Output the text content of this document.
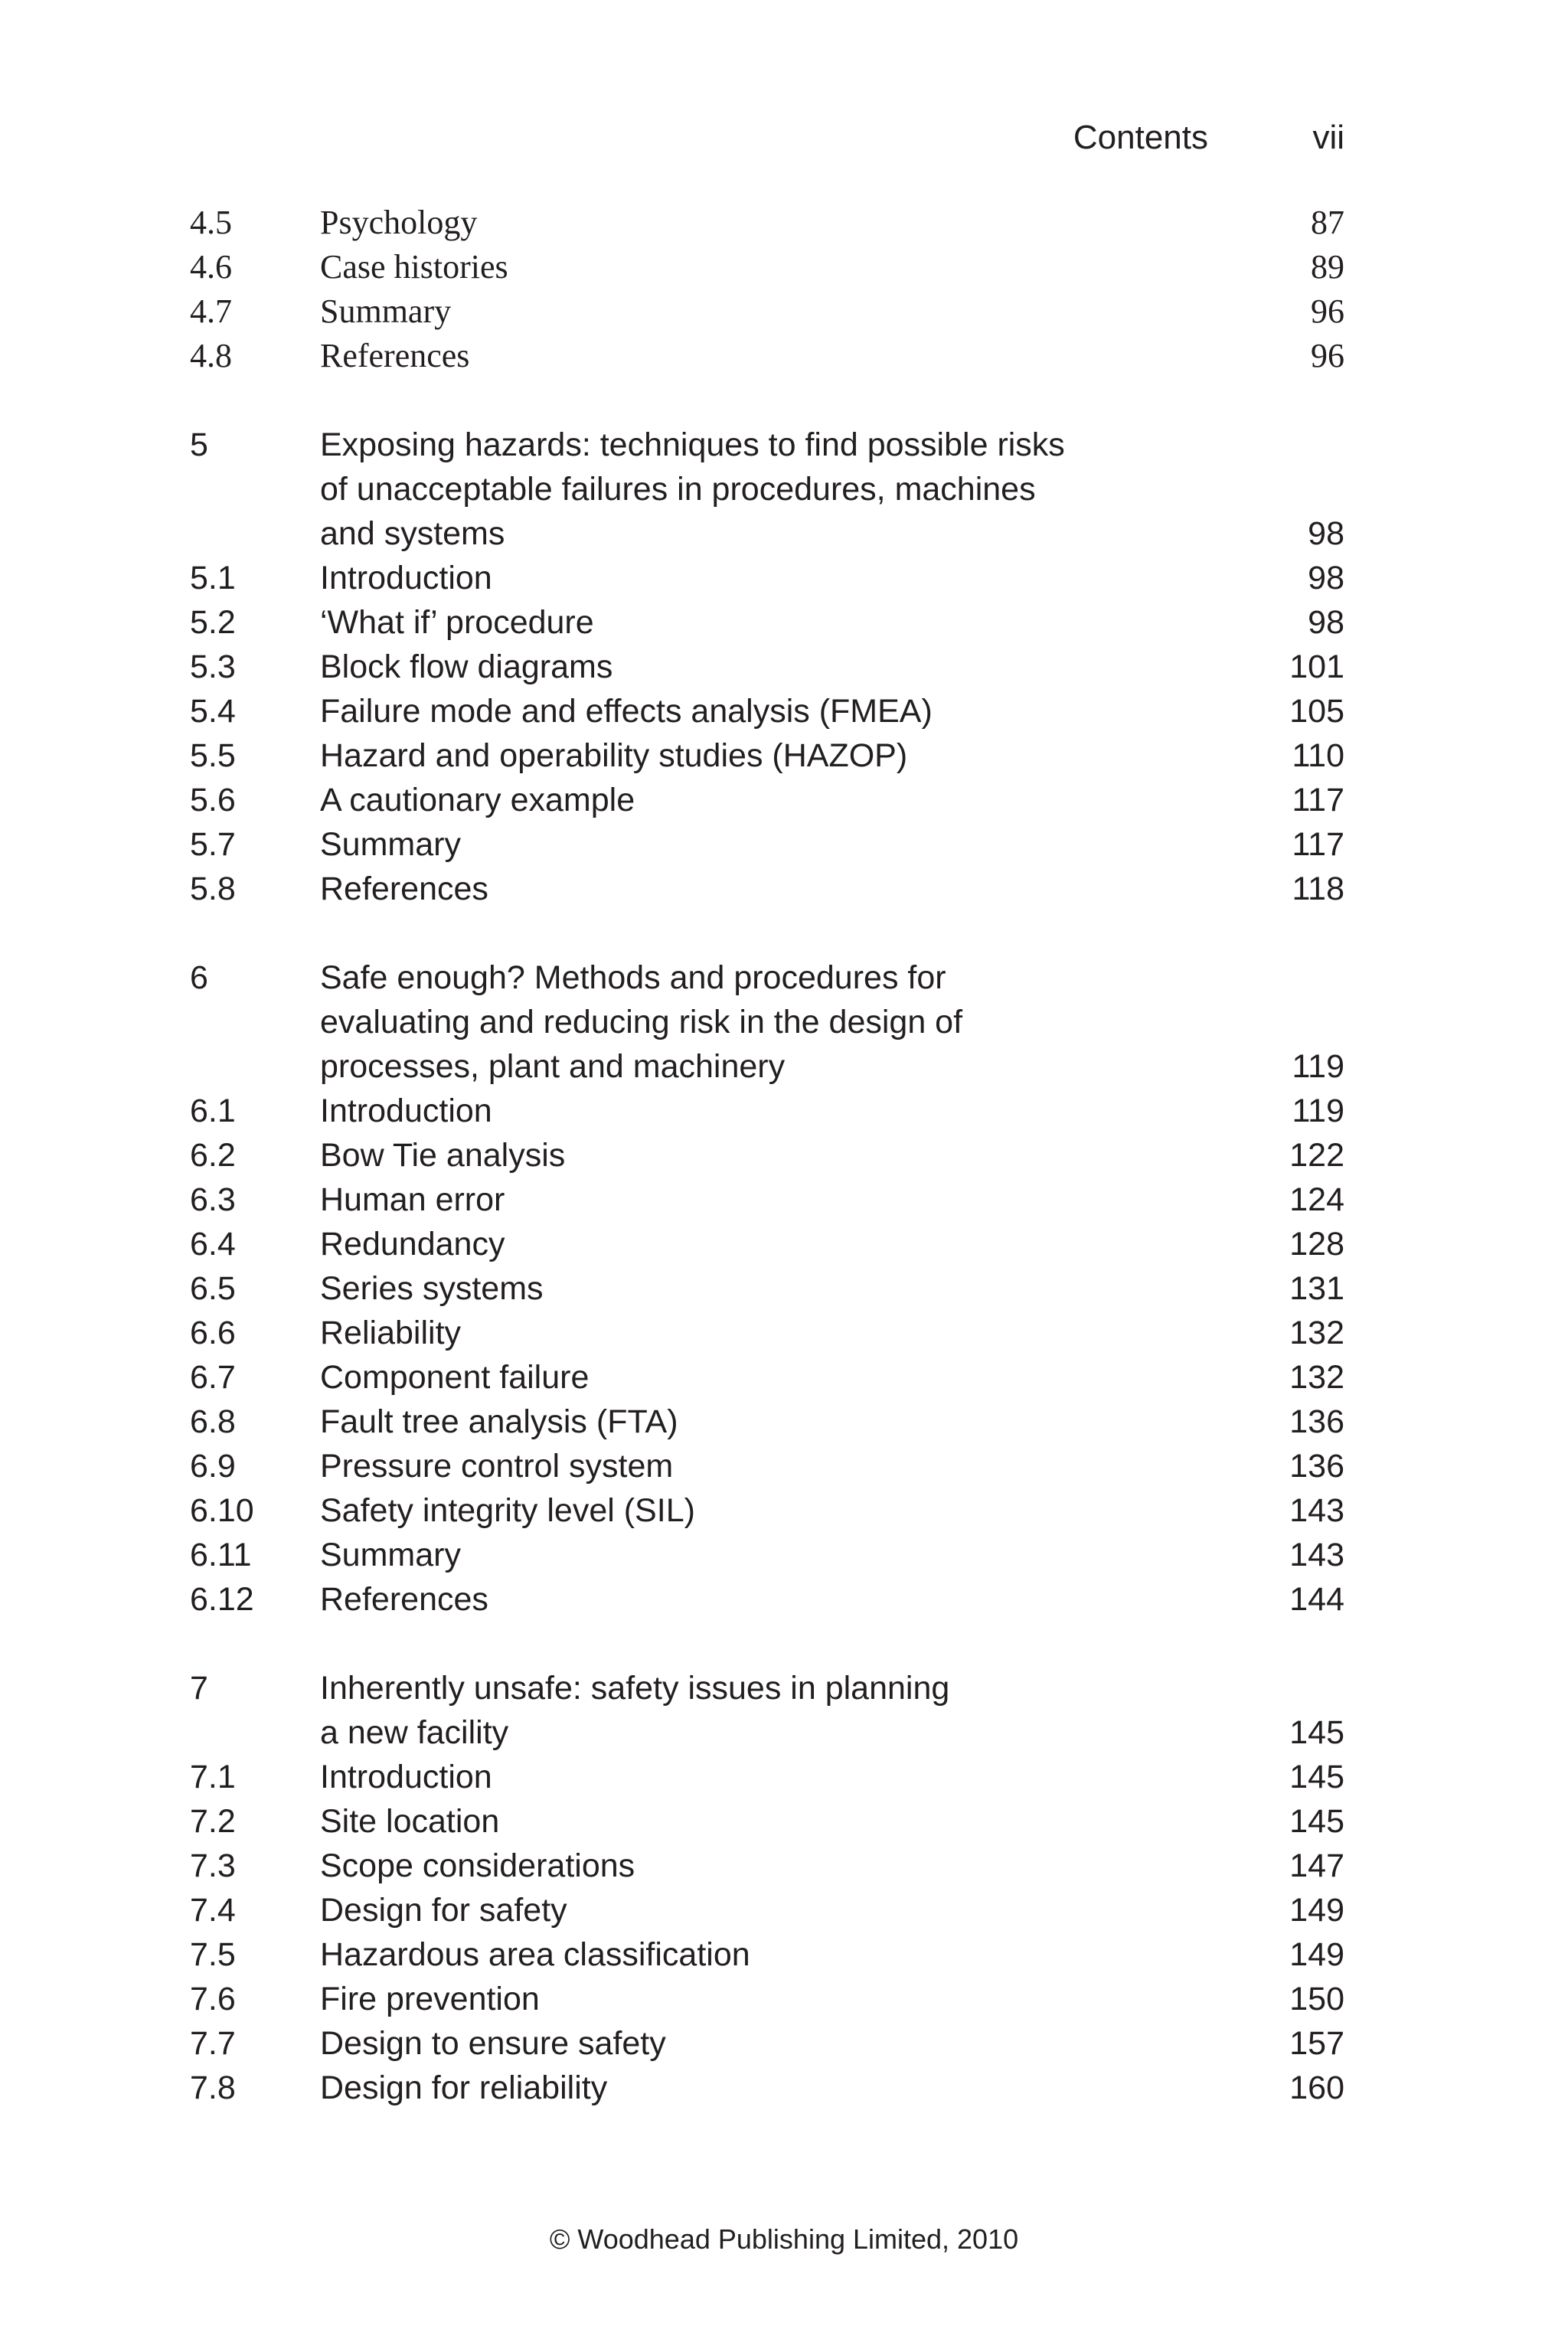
Contents	vii
4.5	Psychology	87
4.6	Case histories	89
4.7	Summary	96
4.8	References	96
5	Exposing hazards: techniques to find possible risks
of unacceptable failures in procedures, machines
and systems	98
5.1	Introduction	98
5.2	‘What if’ procedure	98
5.3	Block flow diagrams	101
5.4	Failure mode and effects analysis (FMEA)	105
5.5	Hazard and operability studies (HAZOP)	110
5.6	A cautionary example	117
5.7	Summary	117
5.8	References	118
6	Safe enough? Methods and procedures for
evaluating and reducing risk in the design of
processes, plant and machinery	119
6.1	Introduction	119
6.2	Bow Tie analysis	122
6.3	Human error	124
6.4	Redundancy	128
6.5	Series systems	131
6.6	Reliability	132
6.7	Component failure	132
6.8	Fault tree analysis (FTA)	136
6.9	Pressure control system	136
6.10 Safety integrity level (SIL)	143
6.11 Summary	143
6.12 References	144
7	Inherently unsafe: safety issues in planning
a new facility	145
7.1	Introduction	145
7.2	Site location	145
7.3	Scope considerations	147
7.4	Design for safety	149
7.5	Hazardous area classification	149
7.6	Fire prevention	150
7.7	Design to ensure safety	157
7.8	Design for reliability	160
© Woodhead Publishing Limited, 2010
